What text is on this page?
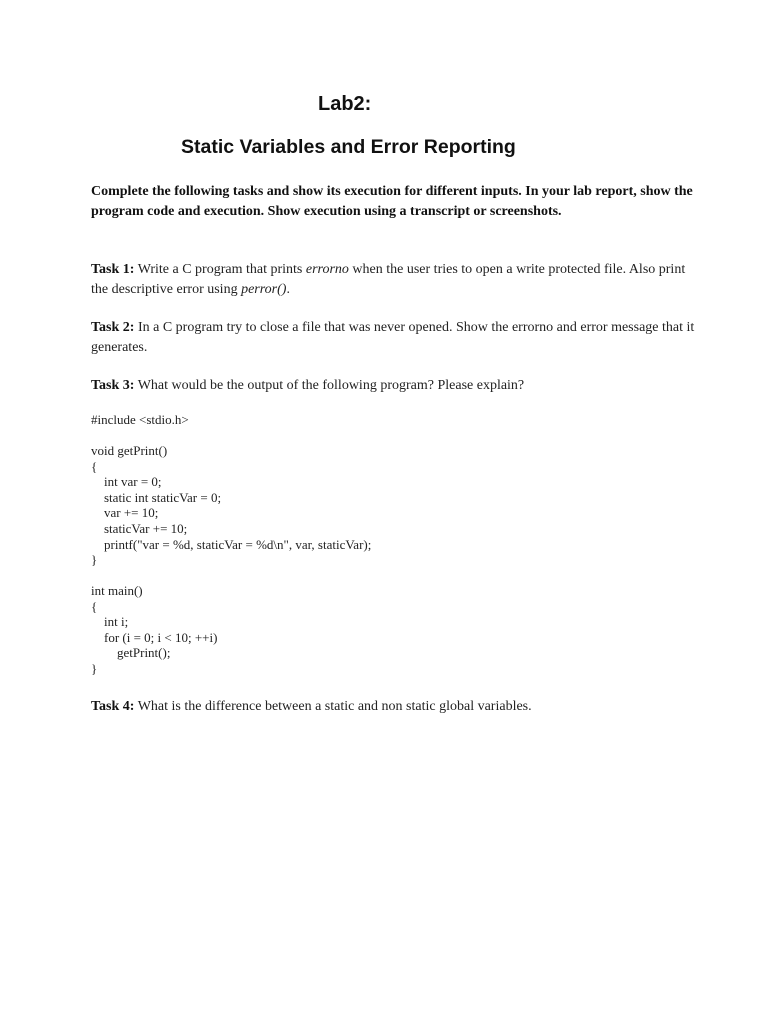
Lab2:
Static Variables and Error Reporting
Complete the following tasks and show its execution for different inputs. In your lab report, show the program code and execution. Show execution using a transcript or screenshots.
Task 1: Write a C program that prints errorno when the user tries to open a write protected file. Also print the descriptive error using perror().
Task 2: In a C program try to close a file that was never opened. Show the errorno and error message that it generates.
Task 3: What would be the output of the following program? Please explain?
#include <stdio.h>
void getPrint()
{
int var = 0;
static int staticVar = 0;
var += 10;
staticVar += 10;
printf("var = %d, staticVar = %d\n", var, staticVar);
}
int main()
{
int i;
for (i = 0; i < 10; ++i)
getPrint();
}
Task 4: What is the difference between a static and non static global variables.
